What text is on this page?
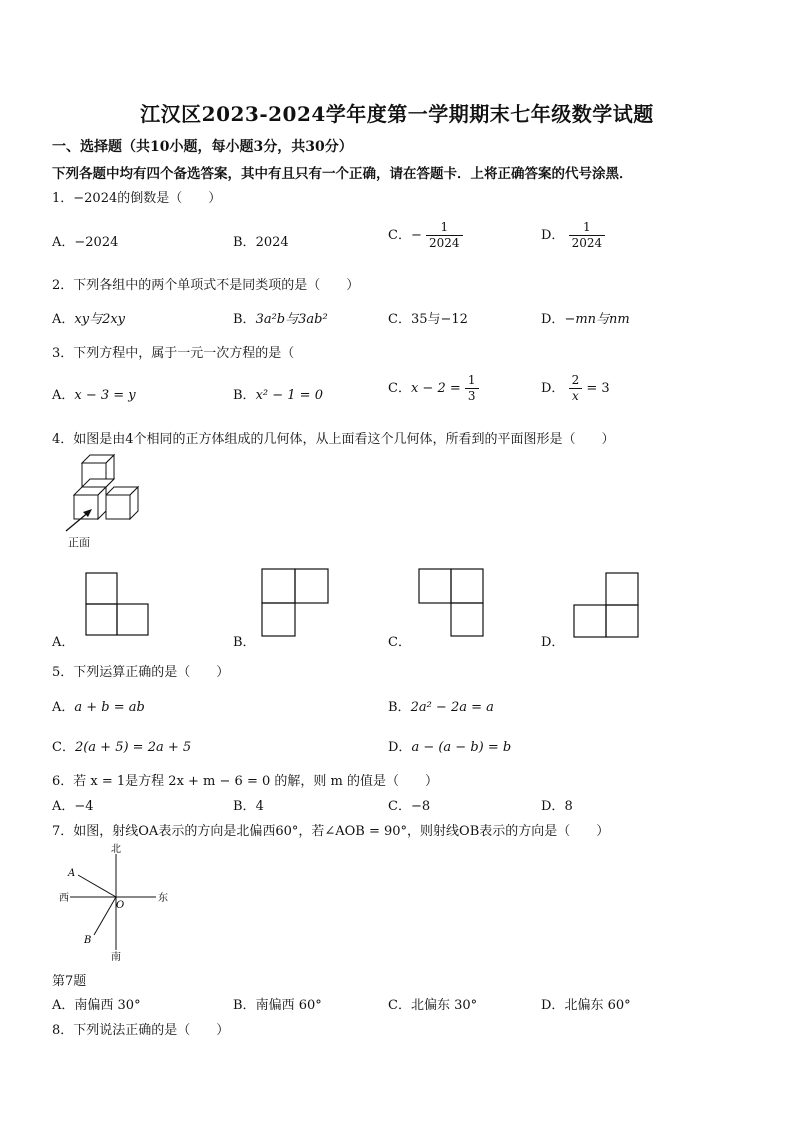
江汉区2023-2024学年度第一学期期末七年级数学试题
一、选择题（共10小题，每小题3分，共30分）
下列各题中均有四个备选答案，其中有且只有一个正确，请在答题卡．上将正确答案的代号涂黑．
1．−2024的倒数是（　　）
A．−2024	B．2024	C．− $\frac{1}{2024}$	D． $\frac{1}{2024}$
2．下列各组中的两个单项式不是同类项的是（　　）
A．xy与2xy	B．3a²b与3ab²	C．35与−12	D．−mn与nm
3．下列方程中，属于一元一次方程的是（
A．x − 3 = y	B．x² − 1 = 0	C．$x - 2 = \frac{1}{3}$	D． $\frac{2}{x} = 3$
4．如图是由4个相同的正方体组成的几何体，从上面看这个几何体，所看到的平面图形是（　　）
正面
A．	B．	C．	D．
5．下列运算正确的是（　　）
A．a + b = ab	B．2a² − 2a = a
C．2(a + 5) = 2a + 5	D．a − (a − b) = b
6．若 x = 1是方程 2x + m − 6 = 0 的解，则 m 的值是（　　）
A．−4	B．4	C．−8	D．8
7．如图，射线OA表示的方向是北偏西60°，若∠AOB = 90°，则射线OB表示的方向是（　　）
北
南
西	东
A
B
O
第7题
A．南偏西 30°	B．南偏西 60°	C．北偏东 30°	D．北偏东 60°
8．下列说法正确的是（　　）
